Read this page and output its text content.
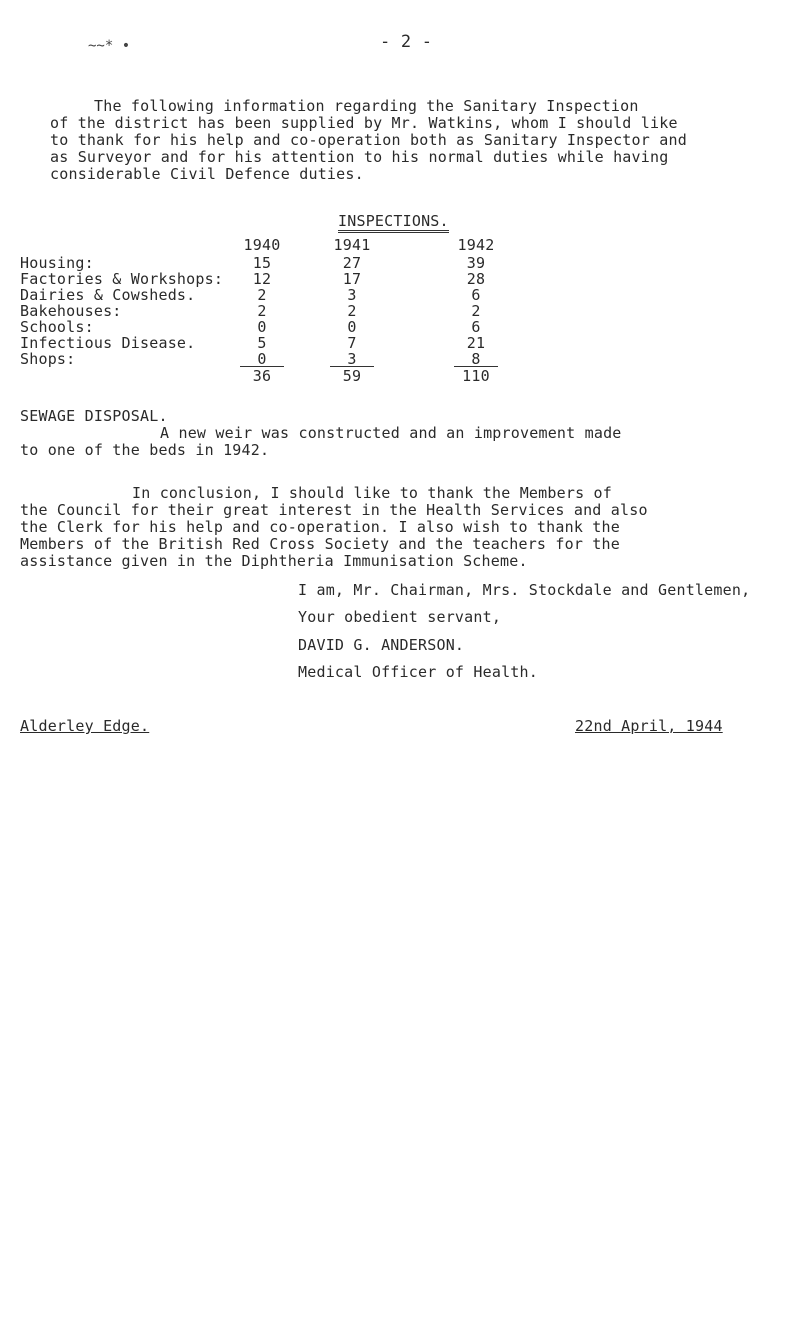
~~* •	- 2 -
The following information regarding the Sanitary Inspection
of the district has been supplied by Mr. Watkins, whom I should like
to thank for his help and co-operation both as Sanitary Inspector and
as Surveyor and for his attention to his normal duties while having
considerable Civil Defence duties.
INSPECTIONS.
1940	1941	1942
Housing:	15	27	39
Factories & Workshops:	12	17	28
Dairies & Cowsheds.	2	3	6
Bakehouses:	2	2	2
Schools:	0	0	6
Infectious Disease.	5	7	21
Shops:	0	3	8
36	59	110
SEWAGE DISPOSAL.
A new weir was constructed and an improvement made
to one of the beds in 1942.
In conclusion, I should like to thank the Members of
the Council for their great interest in the Health Services and also
the Clerk for his help and co-operation. I also wish to thank the
Members of the British Red Cross Society and the teachers for the
assistance given in the Diphtheria Immunisation Scheme.
I am, Mr. Chairman, Mrs. Stockdale and Gentlemen,
Your obedient servant,
DAVID G. ANDERSON.
Medical Officer of Health.
Alderley Edge.	22nd April, 1944
